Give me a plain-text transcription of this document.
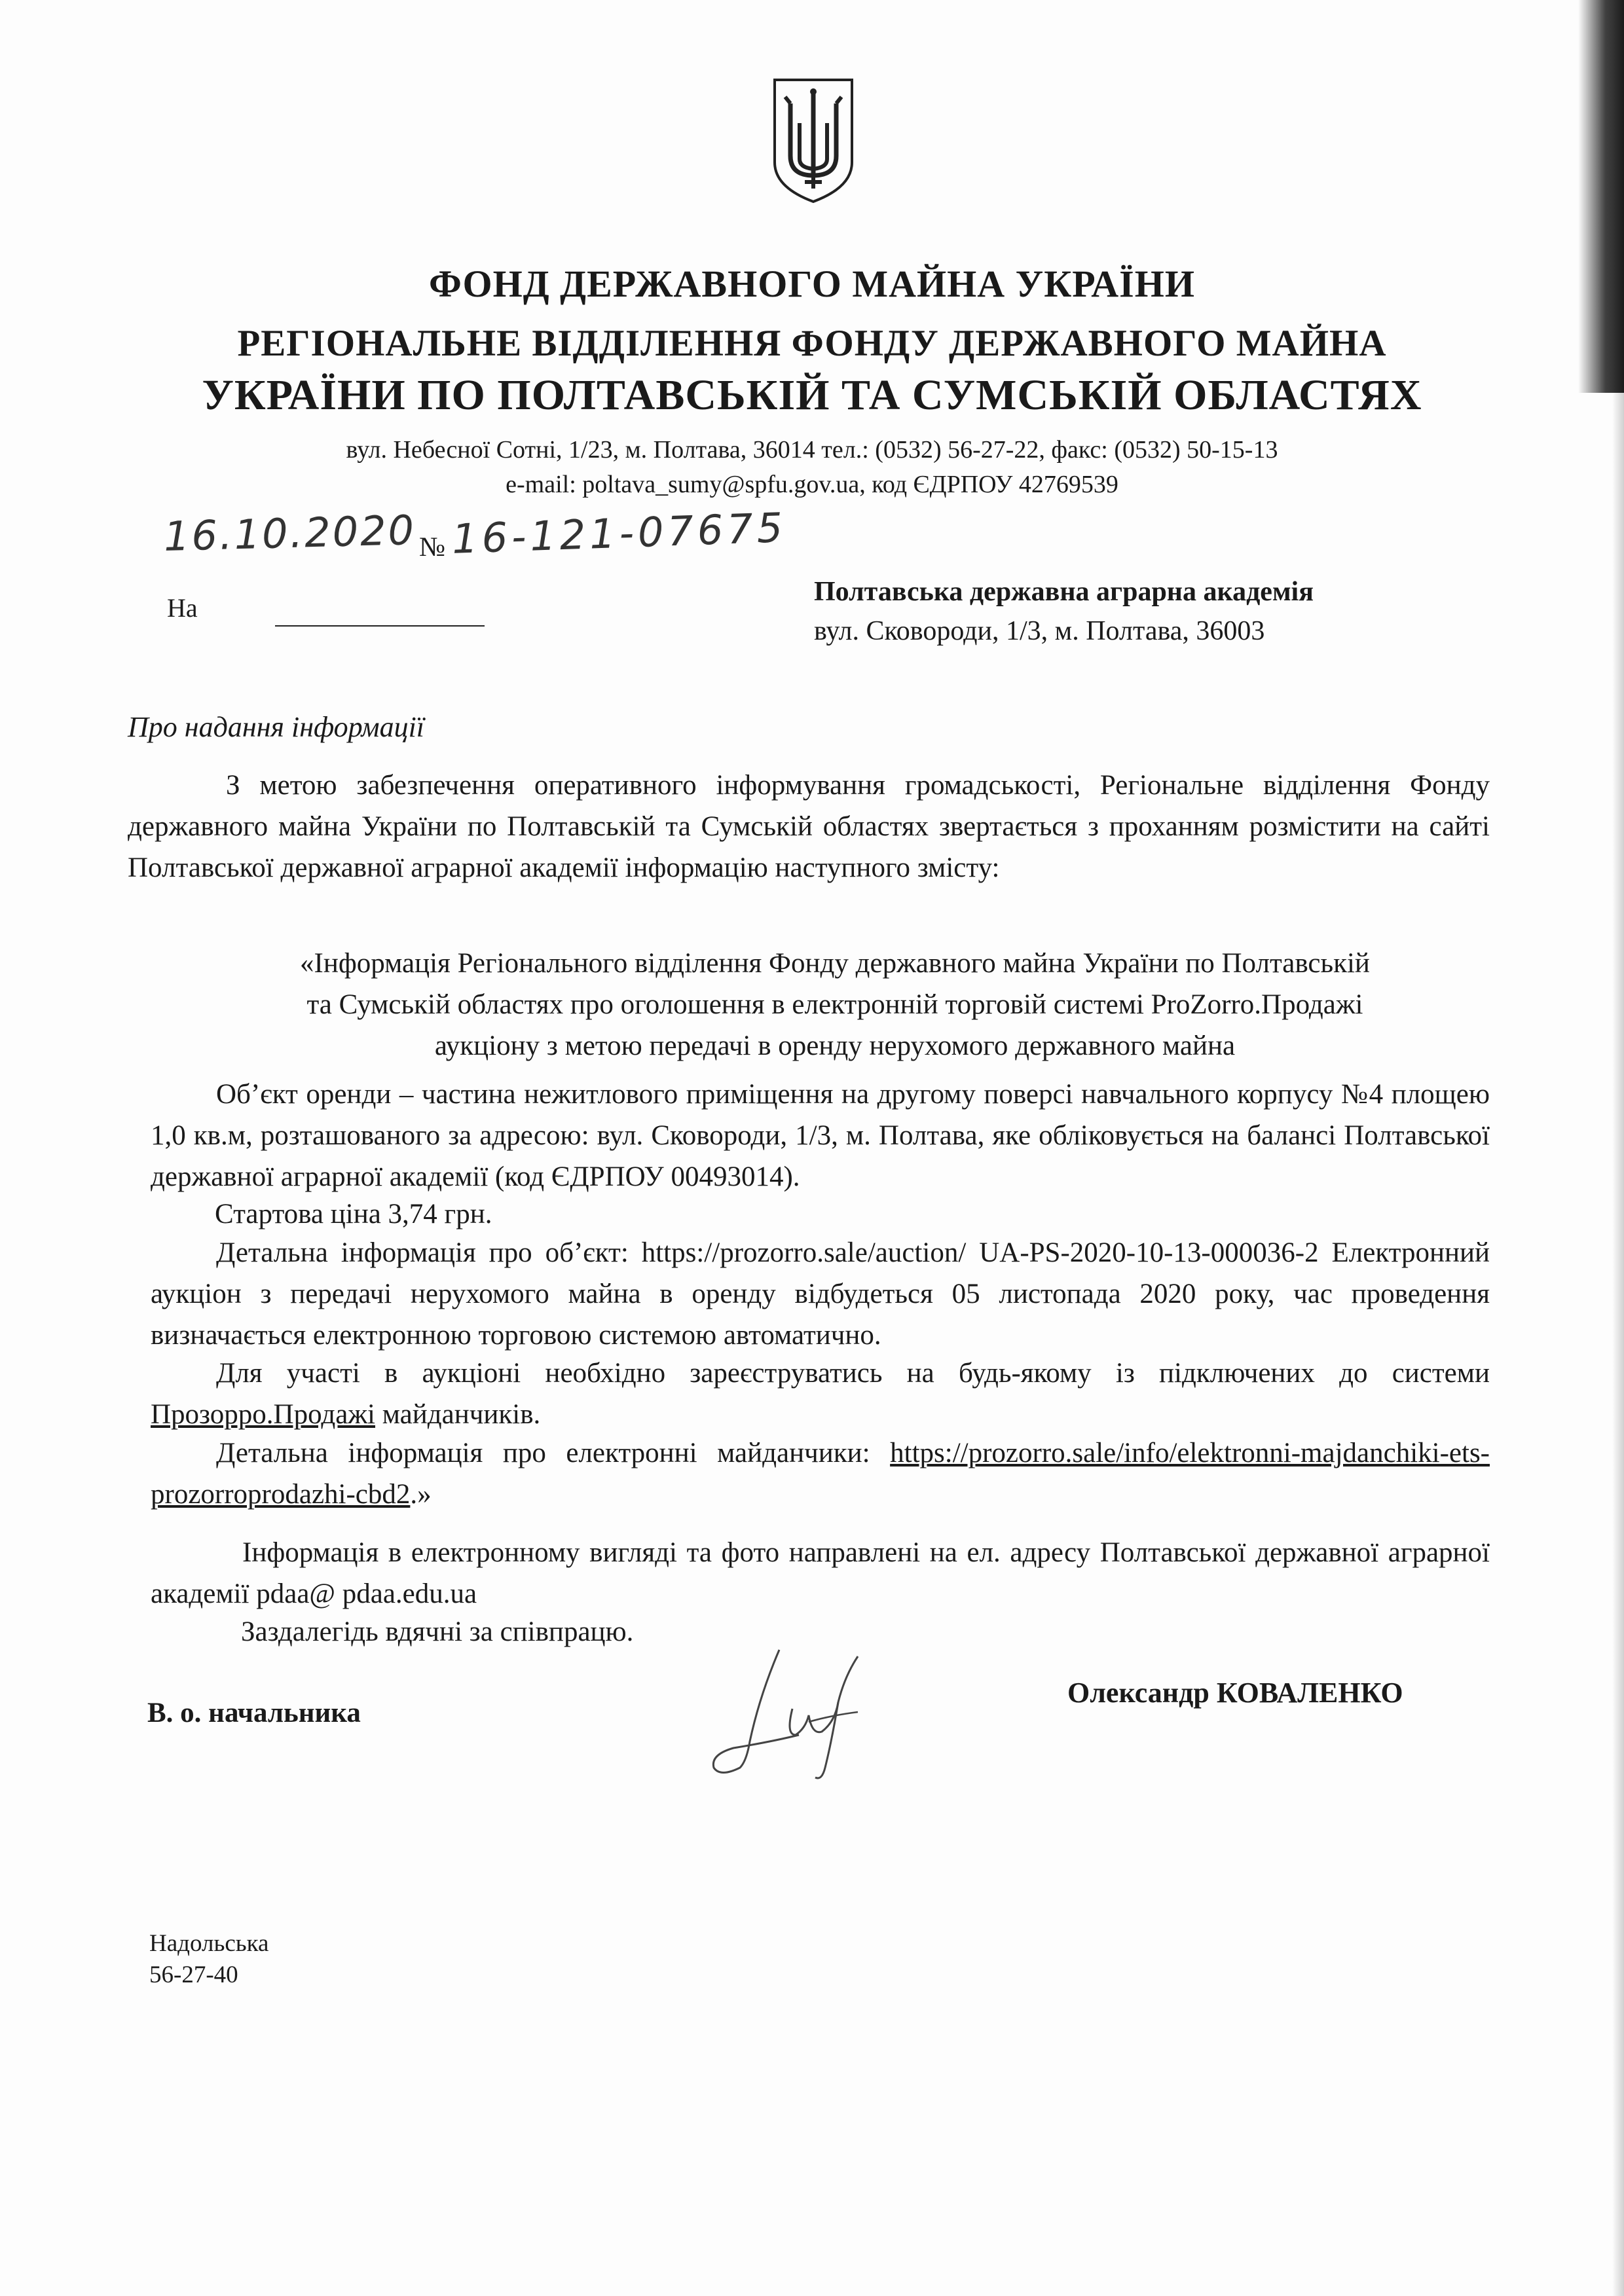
ФОНД ДЕРЖАВНОГО МАЙНА УКРАЇНИ
РЕГІОНАЛЬНЕ ВІДДІЛЕННЯ ФОНДУ ДЕРЖАВНОГО МАЙНА
УКРАЇНИ ПО ПОЛТАВСЬКІЙ ТА СУМСЬКІЙ ОБЛАСТЯХ
вул. Небесної Сотні, 1/23, м. Полтава, 36014 тел.: (0532) 56-27-22, факс: (0532) 50-15-13
e-mail: poltava_sumy@spfu.gov.ua, код ЄДРПОУ 42769539
16.10.2020 № 16-121-07675
На
Полтавська державна аграрна академія
вул. Сковороди, 1/3, м. Полтава, 36003
Про надання інформації
З метою забезпечення оперативного інформування громадськості, Регіональне відділення Фонду державного майна України по Полтавській та Сумській областях звертається з проханням розмістити на сайті Полтавської державної аграрної академії інформацію наступного змісту:
«Інформація Регіонального відділення Фонду державного майна України по Полтавській
та Сумській областях про оголошення в електронній торговій системі ProZorro.Продажі
аукціону з метою передачі в оренду нерухомого державного майна
Об’єкт оренди – частина нежитлового приміщення на другому поверсі навчального корпусу №4 площею 1,0 кв.м, розташованого за адресою: вул. Сковороди, 1/3, м. Полтава, яке обліковується на балансі Полтавської державної аграрної академії (код ЄДРПОУ 00493014).
Стартова ціна 3,74 грн.
Детальна інформація про об’єкт: https://prozorro.sale/auction/ UA-PS-2020-10-13-000036-2 Електронний аукціон з передачі нерухомого майна в оренду відбудеться 05 листопада 2020 року, час проведення визначається електронною торговою системою автоматично.
Для участі в аукціоні необхідно зареєструватись на будь-якому із підключених до системи Прозорро.Продажі майданчиків.
Детальна інформація про електронні майданчики: https://prozorro.sale/info/elektronni-majdanchiki-ets-prozorroprodazhi-cbd2.»
Інформація в електронному вигляді та фото направлені на ел. адресу Полтавської державної аграрної академії pdaa@ pdaa.edu.ua
Заздалегідь вдячні за співпрацю.
В. о. начальника
Олександр КОВАЛЕНКО
Надольська
56-27-40
